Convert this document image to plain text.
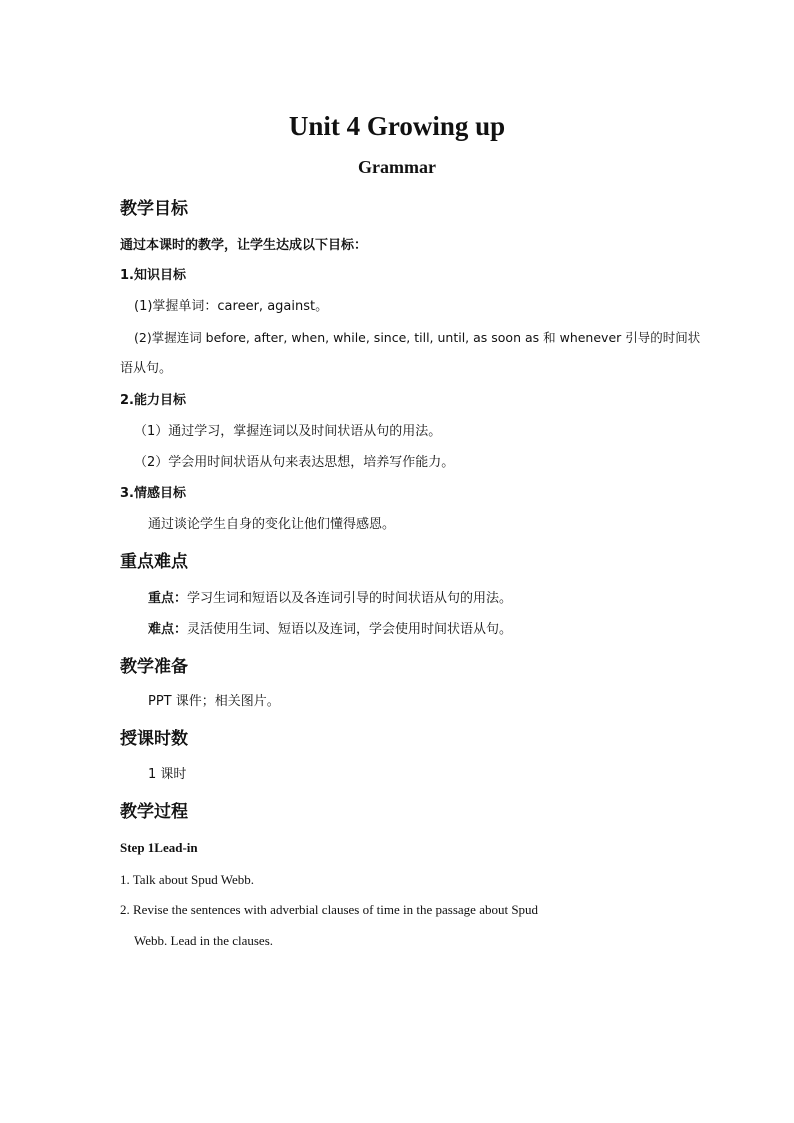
Unit 4 Growing up
Grammar
教学目标
通过本课时的教学，让学生达成以下目标：
1.知识目标
(1)掌握单词：career, against。
(2)掌握连词 before, after, when, while, since, till, until, as soon as 和 whenever 引导的时间状
语从句。
2.能力目标
（1）通过学习，掌握连词以及时间状语从句的用法。
（2）学会用时间状语从句来表达思想，培养写作能力。
3.情感目标
通过谈论学生自身的变化让他们懂得感恩。
重点难点
重点：学习生词和短语以及各连词引导的时间状语从句的用法。
难点：灵活使用生词、短语以及连词，学会使用时间状语从句。
教学准备
PPT 课件；相关图片。
授课时数
1 课时
教学过程
Step 1Lead-in
1. Talk about Spud Webb.
2. Revise the sentences with adverbial clauses of time in the passage about Spud
Webb. Lead in the clauses.
